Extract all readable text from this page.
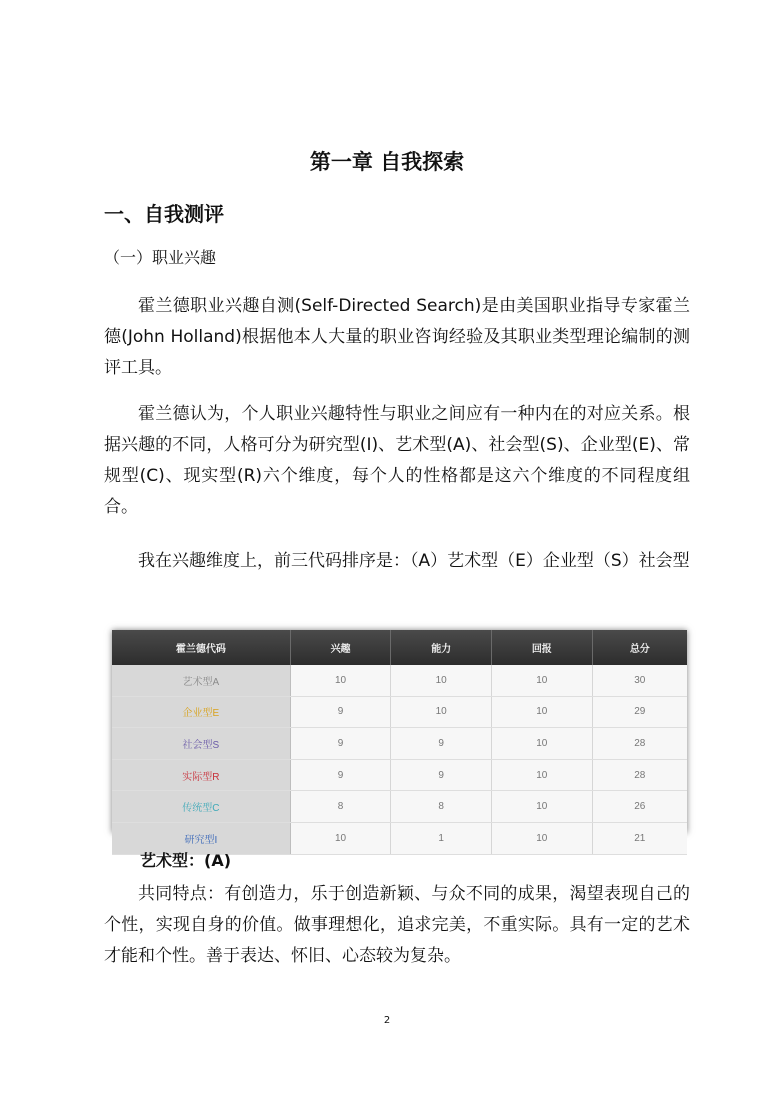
第一章 自我探索
一、自我测评
（一）职业兴趣
霍兰德职业兴趣自测(Self-Directed Search)是由美国职业指导专家霍兰德(John Holland)根据他本人大量的职业咨询经验及其职业类型理论编制的测评工具。
霍兰德认为，个人职业兴趣特性与职业之间应有一种内在的对应关系。根据兴趣的不同，人格可分为研究型(I)、艺术型(A)、社会型(S)、企业型(E)、常规型(C)、现实型(R)六个维度，每个人的性格都是这六个维度的不同程度组合。
我在兴趣维度上，前三代码排序是：（A）艺术型（E）企业型（S）社会型
霍兰德代码	兴趣	能力	回报	总分
艺术型A	10	10	10	30
企业型E	9	10	10	29
社会型S	9	9	10	28
实际型R	9	9	10	28
传统型C	8	8	10	26
研究型I	10	1	10	21
艺术型：(A)
共同特点：有创造力，乐于创造新颖、与众不同的成果，渴望表现自己的个性，实现自身的价值。做事理想化，追求完美，不重实际。具有一定的艺术才能和个性。善于表达、怀旧、心态较为复杂。
2
